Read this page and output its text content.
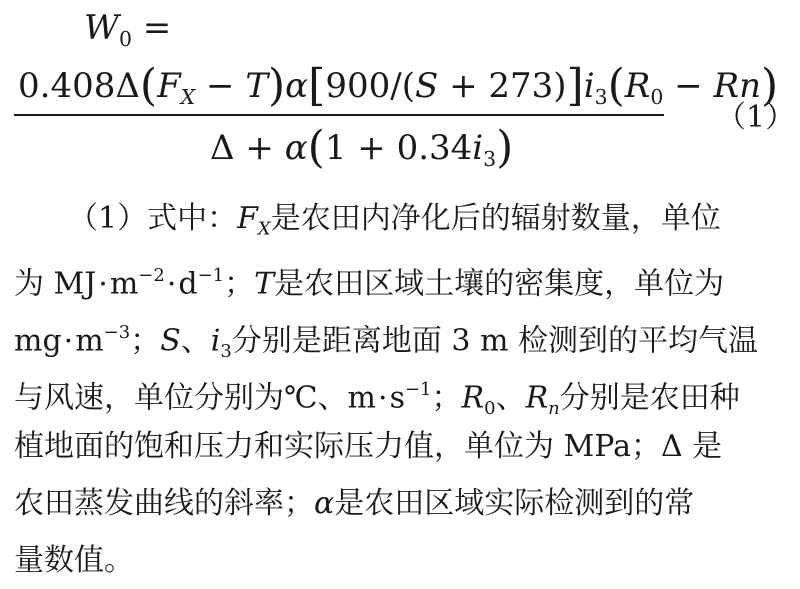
$W_0$ =
$0.408\Delta(F_X - T)\alpha[900/(S + 273)]i_3(R_0 - Rn)$
$\Delta + \alpha(1 + 0.34i_3)$
（1）
（1）式中：$F_X$是农田内净化后的辐射数量，单位
为 $MJ\cdot m^{-2}\cdot d^{-1}$；T是农田区域土壤的密集度，单位为
$mg\cdot m^{-3}$；S、$i_3$分别是距离地面 3 m 检测到的平均气温
与风速，单位分别为℃、$m\cdot s^{-1}$；$R_0$、$R_n$分别是农田种
植地面的饱和压力和实际压力值，单位为 MPa；Δ 是
农田蒸发曲线的斜率；α是农田区域实际检测到的常
量数值。
